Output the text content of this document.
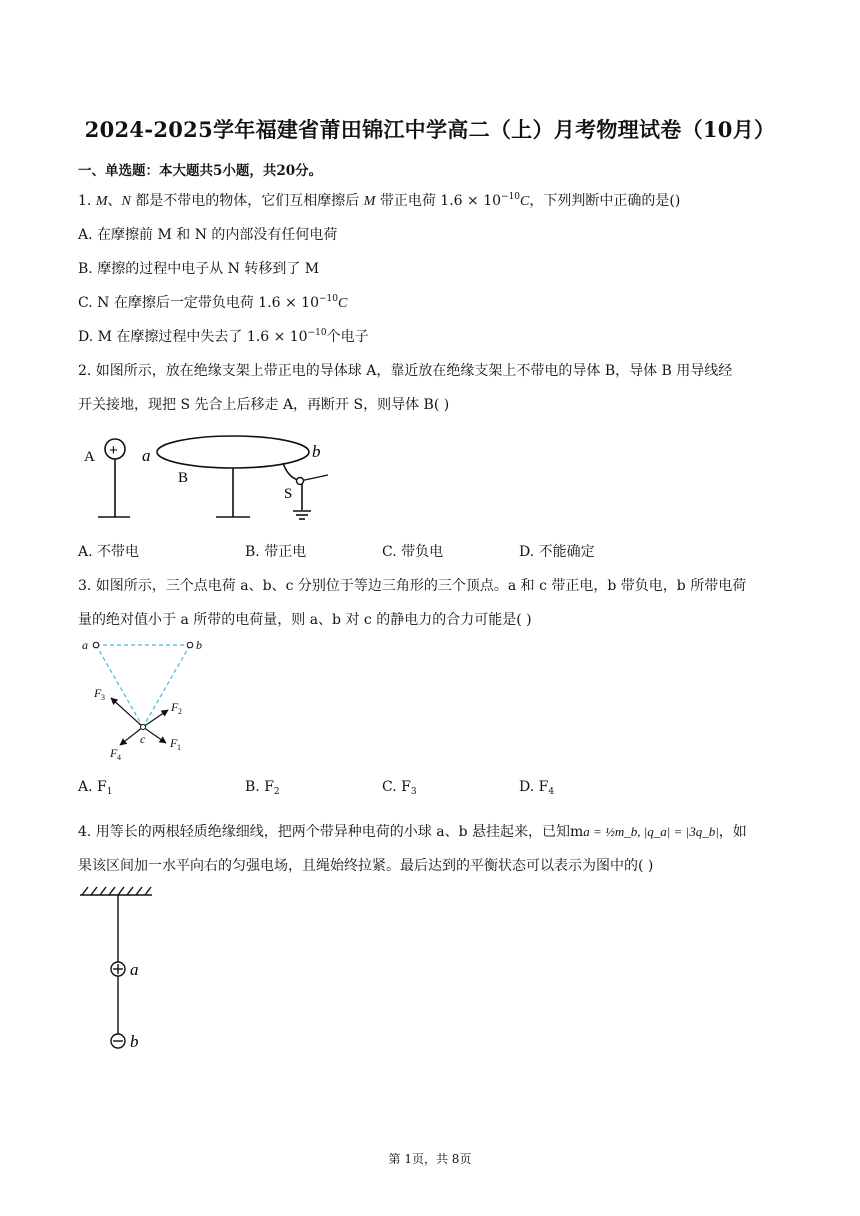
2024-2025学年福建省莆田锦江中学高二（上）月考物理试卷（10月）
一、单选题：本大题共5小题，共20分。
1. M、N 都是不带电的物体，它们互相摩擦后 M 带正电荷 $1.6 \times 10^{-10}C$，下列判断中正确的是()
A. 在摩擦前 M 和 N 的内部没有任何电荷
B. 摩擦的过程中电子从 N 转移到了 M
C. N 在摩擦后一定带负电荷 $1.6 \times 10^{-10}C$
D. M 在摩擦过程中失去了 $1.6 \times 10^{-10}$个电子
2. 如图所示，放在绝缘支架上带正电的导体球 A，靠近放在绝缘支架上不带电的导体 B，导体 B 用导线经
开关接地，现把 S 先合上后移走 A，再断开 S，则导体 B( )
+
A	a	b
B
S
A. 不带电	B. 带正电	C. 带负电	D. 不能确定
3. 如图所示，三个点电荷 a、b、c 分别位于等边三角形的三个顶点。a 和 c 带正电，b 带负电，b 所带电荷
量的绝对值小于 a 所带的电荷量，则 a、b 对 c 的静电力的合力可能是( )
a	b
c F
F
F
F	1
2
3
4
A. $F_1$	B. $F_2$	C. $F_3$	D. $F_4$
4. 用等长的两根轻质绝缘细线，把两个带异种电荷的小球 a、b 悬挂起来，已知ma = ½m_b, |q_a| = |3q_b|，如
果该区间加一水平向右的匀强电场，且绳始终拉紧。最后达到的平衡状态可以表示为图中的( )
a
b
第 1页，共 8页
